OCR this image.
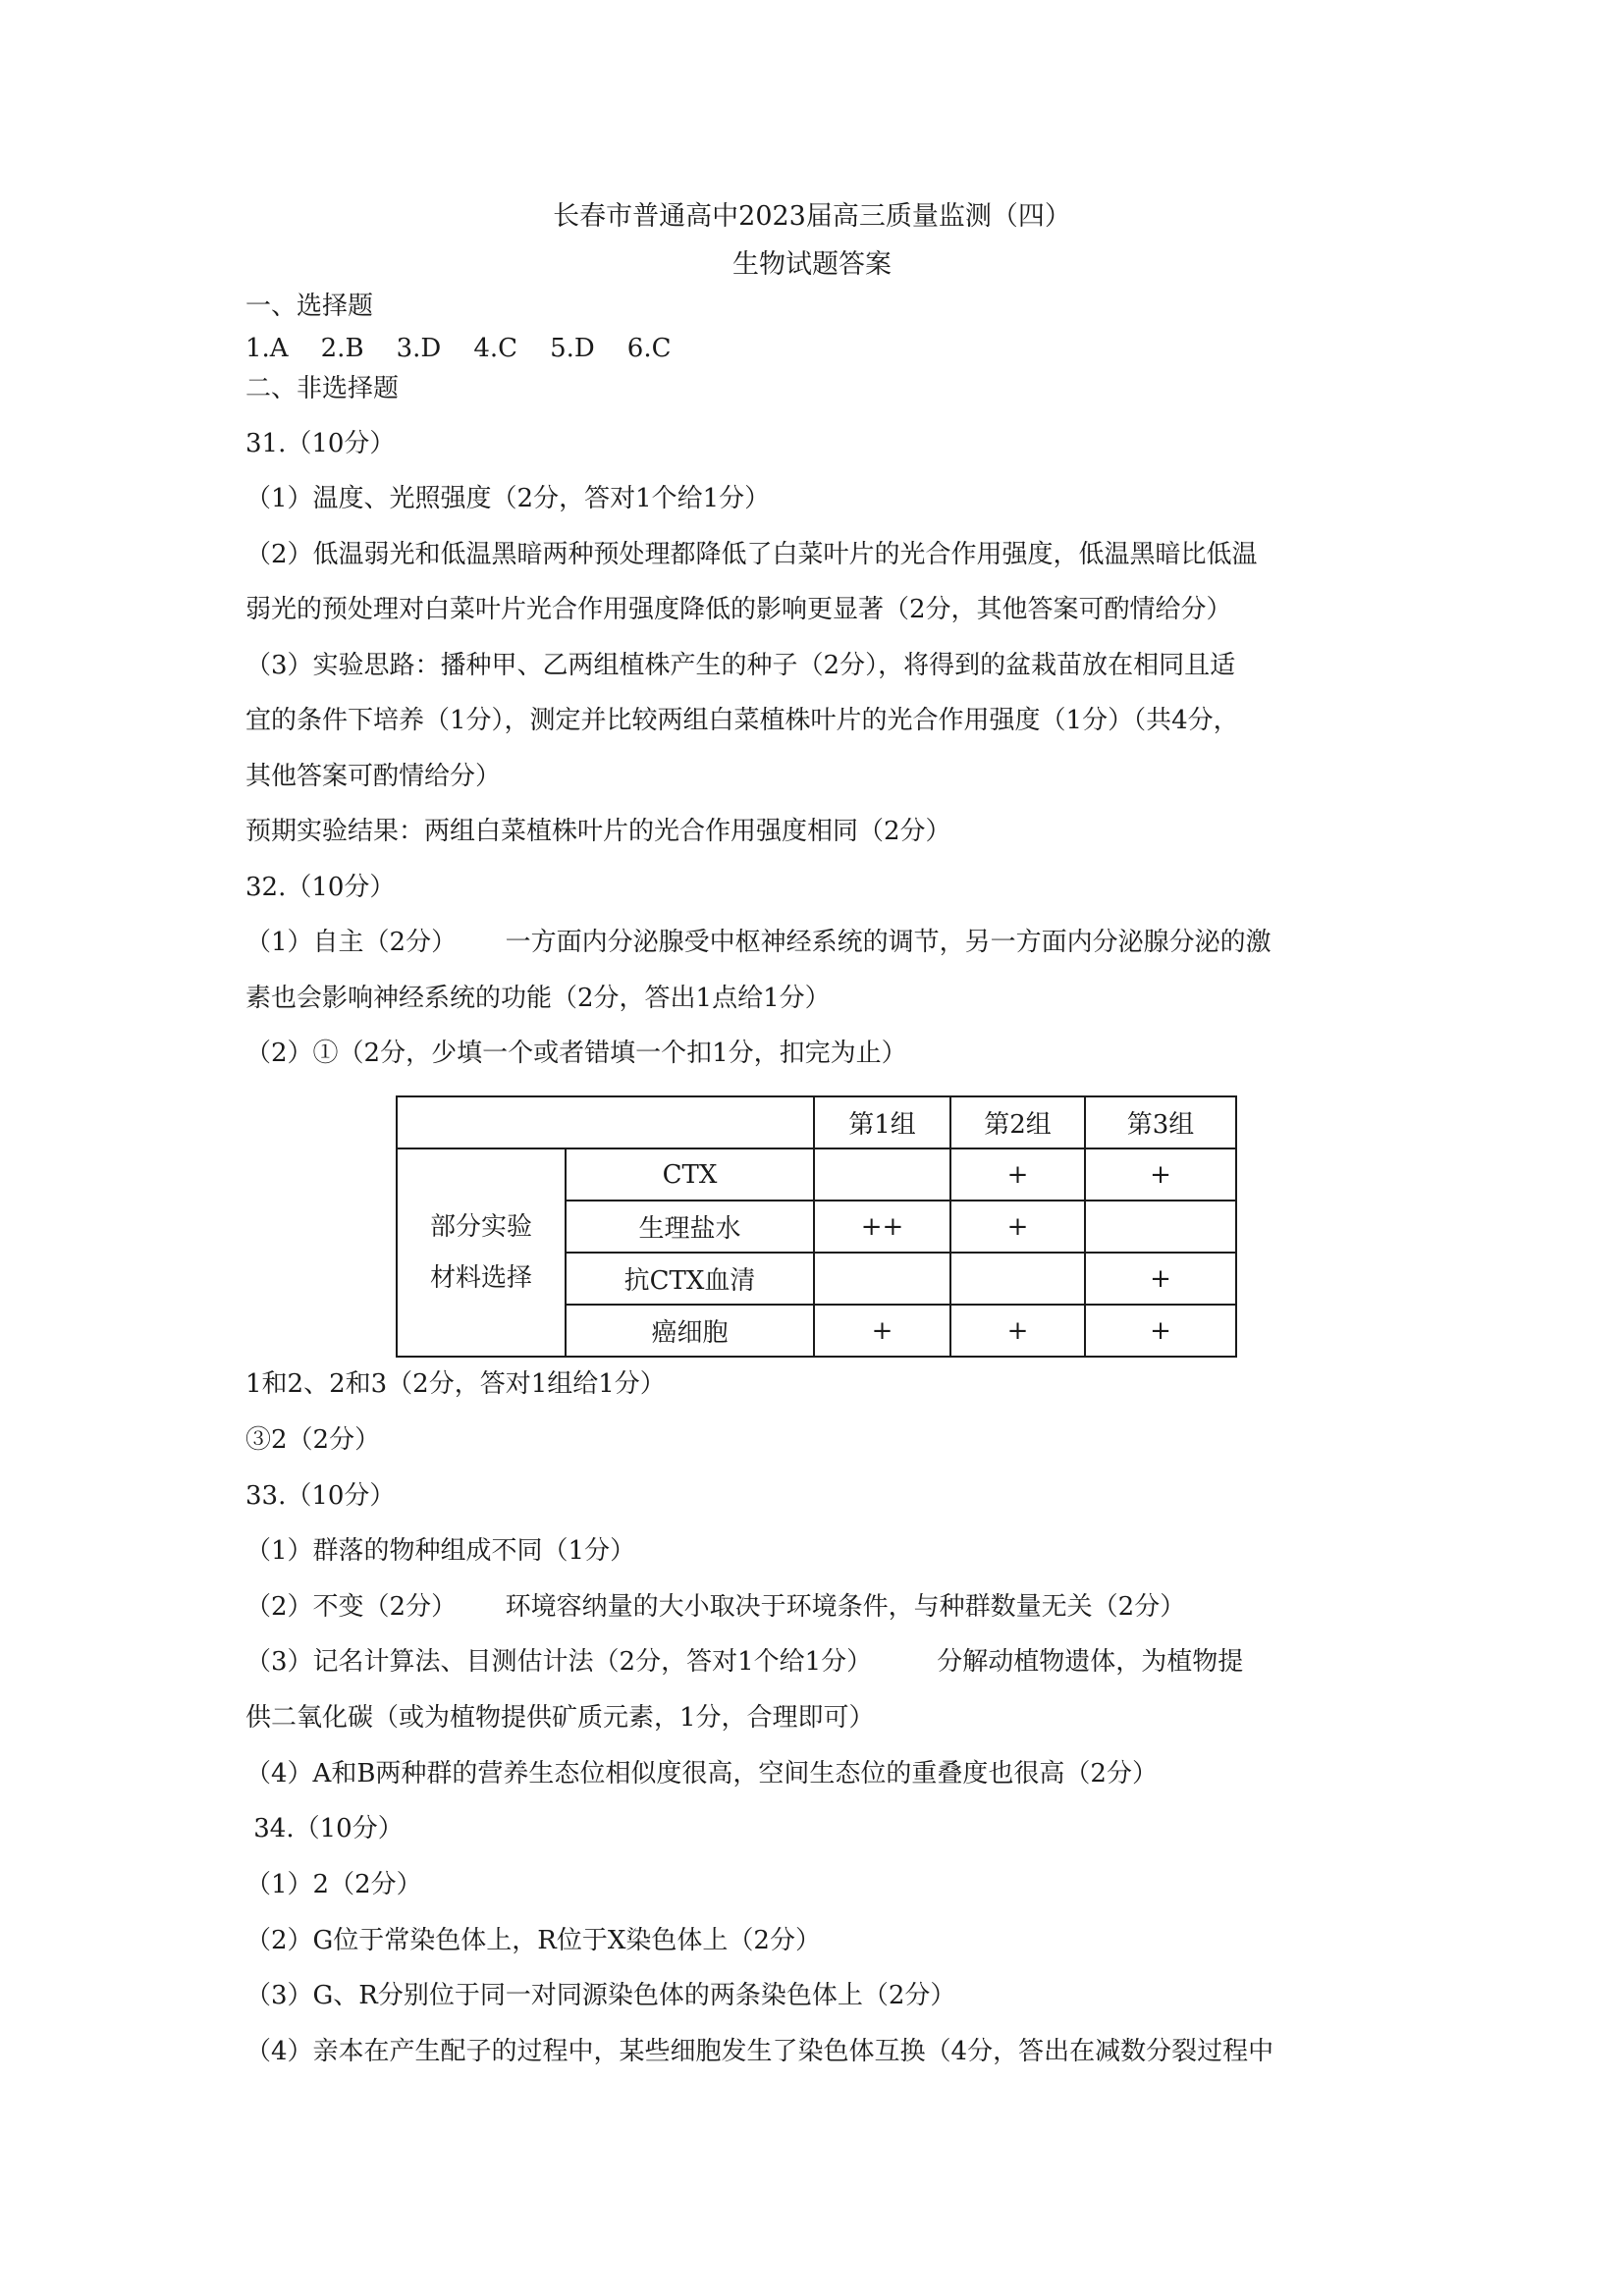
长春市普通高中2023届高三质量监测（四）
生物试题答案
一、选择题
1.A    2.B    3.D    4.C    5.D    6.C
二、非选择题
31.（10分）
（1）温度、光照强度（2分，答对1个给1分）
（2）低温弱光和低温黑暗两种预处理都降低了白菜叶片的光合作用强度，低温黑暗比低温
弱光的预处理对白菜叶片光合作用强度降低的影响更显著（2分，其他答案可酌情给分）
（3）实验思路：播种甲、乙两组植株产生的种子（2分），将得到的盆栽苗放在相同且适
宜的条件下培养（1分），测定并比较两组白菜植株叶片的光合作用强度（1分）（共4分，
其他答案可酌情给分）
预期实验结果：两组白菜植株叶片的光合作用强度相同（2分）
32.（10分）
（1）自主（2分）      一方面内分泌腺受中枢神经系统的调节，另一方面内分泌腺分泌的激
素也会影响神经系统的功能（2分，答出1点给1分）
（2）①（2分，少填一个或者错填一个扣1分，扣完为止）
		第1组	第2组	第3组

部分实验
材料选择	CTX		+	+
	生理盐水	++	+	
	抗CTX血清			+
	癌细胞	+	+	+
1和2、2和3（2分，答对1组给1分）
③2（2分）
33.（10分）
（1）群落的物种组成不同（1分）
（2）不变（2分）      环境容纳量的大小取决于环境条件，与种群数量无关（2分）
（3）记名计算法、目测估计法（2分，答对1个给1分）        分解动植物遗体，为植物提
供二氧化碳（或为植物提供矿质元素，1分，合理即可）
（4）A和B两种群的营养生态位相似度很高，空间生态位的重叠度也很高（2分）
34.（10分）
（1）2（2分）
（2）G位于常染色体上，R位于X染色体上（2分）
（3）G、R分别位于同一对同源染色体的两条染色体上（2分）
（4）亲本在产生配子的过程中，某些细胞发生了染色体互换（4分，答出在减数分裂过程中
